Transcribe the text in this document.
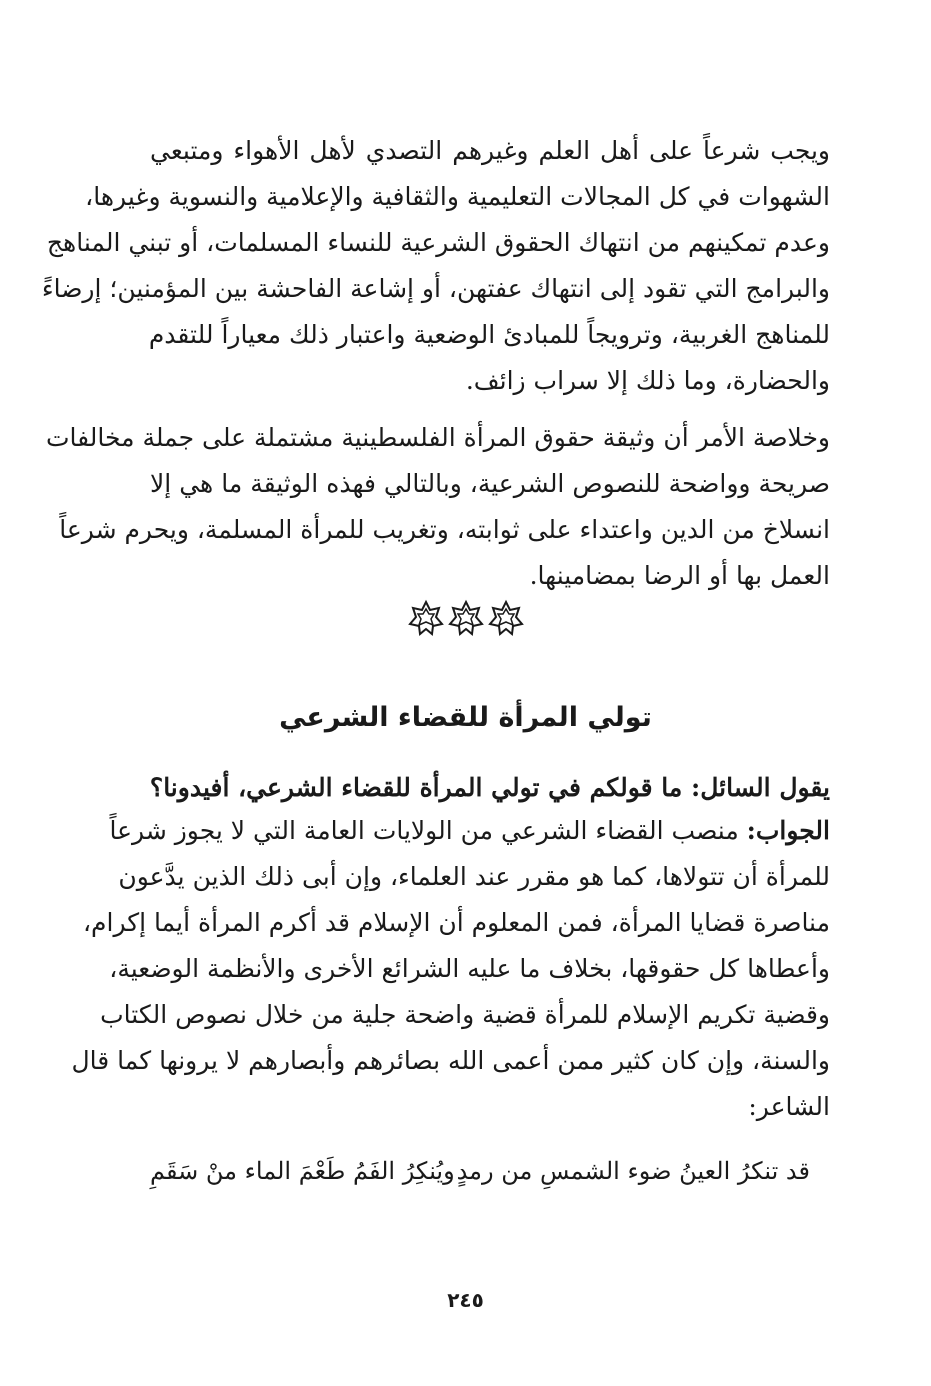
ويجب شرعاً على أهل العلم وغيرهم التصدي لأهل الأهواء ومتبعي
الشهوات في كل المجالات التعليمية والثقافية والإعلامية والنسوية وغيرها،
وعدم تمكينهم من انتهاك الحقوق الشرعية للنساء المسلمات، أو تبني المناهج
والبرامج التي تقود إلى انتهاك عفتهن، أو إشاعة الفاحشة بين المؤمنين؛ إرضاءً
للمناهج الغربية، وترويجاً للمبادئ الوضعية واعتبار ذلك معياراً للتقدم
والحضارة، وما ذلك إلا سراب زائف.
وخلاصة الأمر أن وثيقة حقوق المرأة الفلسطينية مشتملة على جملة مخالفات
صريحة وواضحة للنصوص الشرعية، وبالتالي فهذه الوثيقة ما هي إلا
انسلاخ من الدين واعتداء على ثوابته، وتغريب للمرأة المسلمة، ويحرم شرعاً
العمل بها أو الرضا بمضامينها.
تولي المرأة للقضاء الشرعي
يقول السائل: ما قولكم في تولي المرأة للقضاء الشرعي، أفيدونا؟
الجواب: منصب القضاء الشرعي من الولايات العامة التي لا يجوز شرعاً
للمرأة أن تتولاها، كما هو مقرر عند العلماء، وإن أبى ذلك الذين يدَّعون
مناصرة قضايا المرأة، فمن المعلوم أن الإسلام قد أكرم المرأة أيما إكرام،
وأعطاها كل حقوقها، بخلاف ما عليه الشرائع الأخرى والأنظمة الوضعية،
وقضية تكريم الإسلام للمرأة قضية واضحة جلية من خلال نصوص الكتاب
والسنة، وإن كان كثير ممن أعمى الله بصائرهم وأبصارهم لا يرونها كما قال
الشاعر:
قد تنكرُ العينُ ضوء الشمسِ من رمدٍ
ويُنكِرُ الفَمُ طَعْمَ الماء منْ سَقَمِ
٢٤٥
